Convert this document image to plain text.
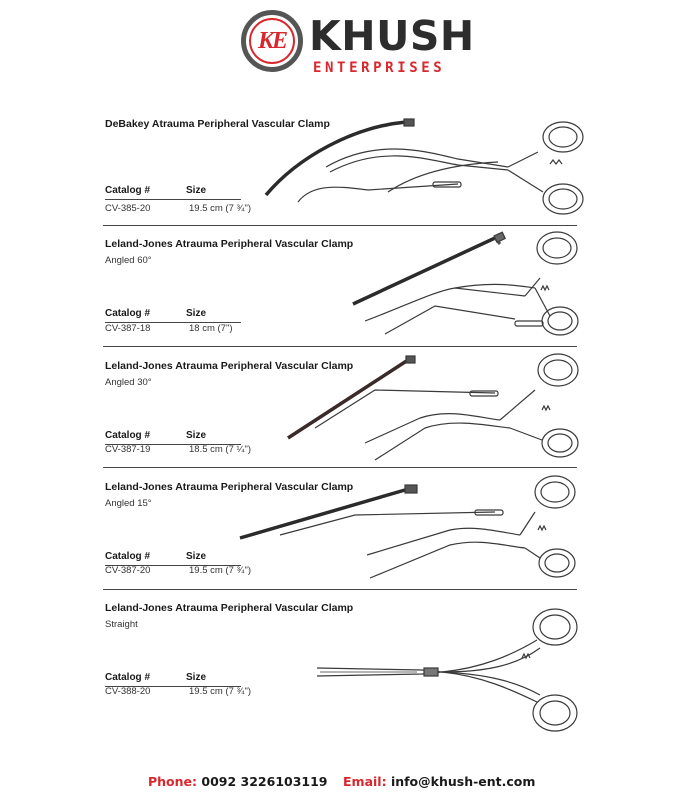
KE KHUSH
ENTERPRISES
DeBakey Atrauma Peripheral Vascular Clamp
Catalog #	Size
CV-385-20	19.5 cm (7 ¾")
Leland-Jones Atrauma Peripheral Vascular Clamp
Angled 60°
Catalog #	Size
CV-387-18	18 cm (7")
Leland-Jones Atrauma Peripheral Vascular Clamp
Angled 30°
Catalog #	Size
CV-387-19	18.5 cm (7 ¼")
Leland-Jones Atrauma Peripheral Vascular Clamp
Angled 15°
Catalog #	Size
CV-387-20	19.5 cm (7 ¾")
Leland-Jones Atrauma Peripheral Vascular Clamp
Straight
Catalog #	Size
CV-388-20	19.5 cm (7 ¾")
Phone: 0092 3226103119 Email: info@khush-ent.com
